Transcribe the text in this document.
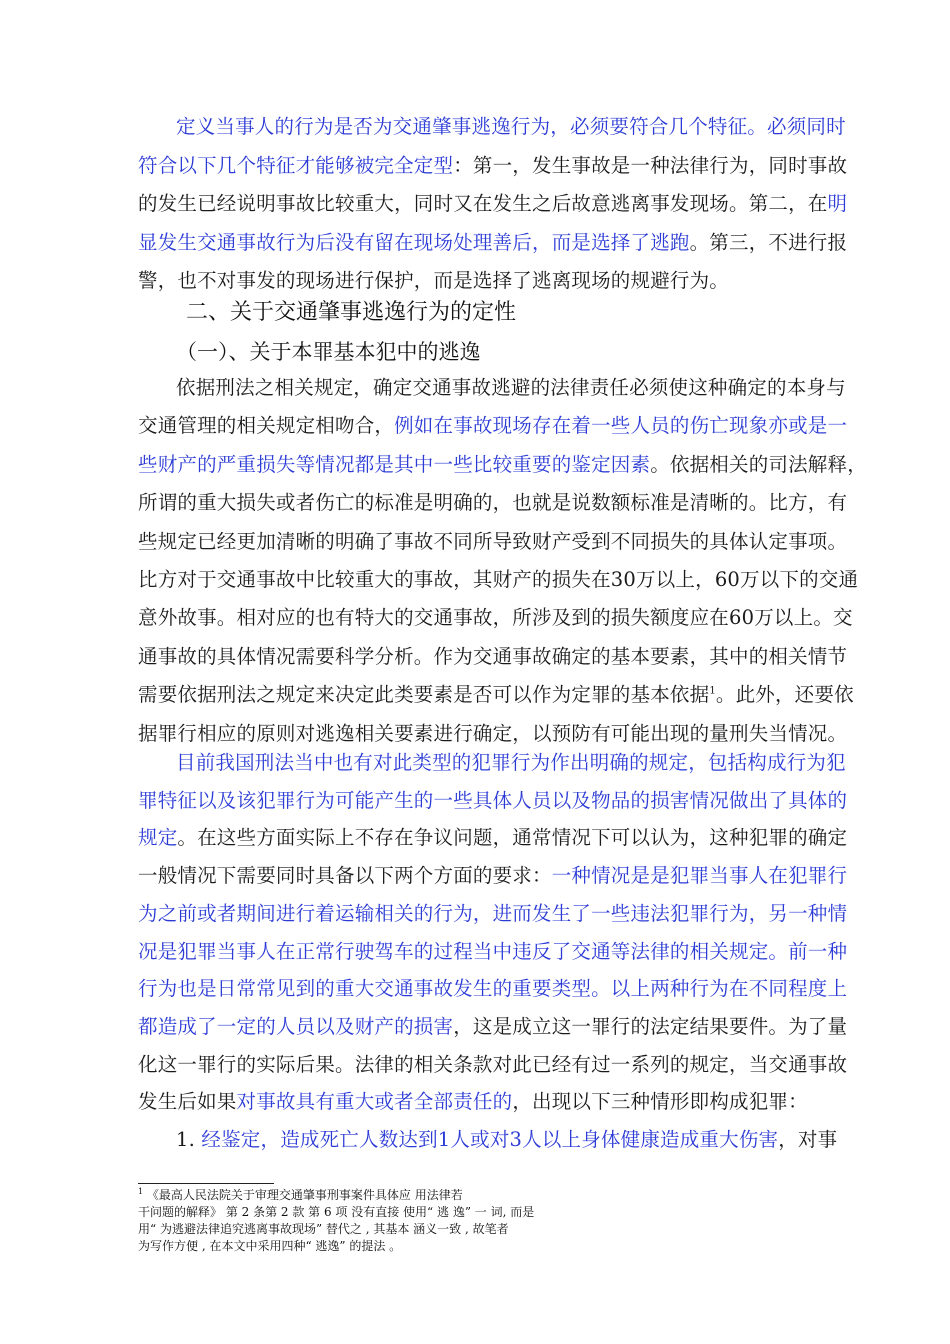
定义当事人的行为是否为交通肇事逃逸行为，必须要符合几个特征。必须同时
符合以下几个特征才能够被完全定型：第一，发生事故是一种法律行为，同时事故
的发生已经说明事故比较重大，同时又在发生之后故意逃离事发现场。第二，在明
显发生交通事故行为后没有留在现场处理善后，而是选择了逃跑。第三，不进行报
警，也不对事发的现场进行保护，而是选择了逃离现场的规避行为。
二、关于交通肇事逃逸行为的定性
（一）、关于本罪基本犯中的逃逸
依据刑法之相关规定，确定交通事故逃避的法律责任必须使这种确定的本身与
交通管理的相关规定相吻合，例如在事故现场存在着一些人员的伤亡现象亦或是一
些财产的严重损失等情况都是其中一些比较重要的鉴定因素。依据相关的司法解释，
所谓的重大损失或者伤亡的标准是明确的，也就是说数额标准是清晰的。比方，有
些规定已经更加清晰的明确了事故不同所导致财产受到不同损失的具体认定事项。
比方对于交通事故中比较重大的事故，其财产的损失在30万以上，60万以下的交通
意外故事。相对应的也有特大的交通事故，所涉及到的损失额度应在60万以上。交
通事故的具体情况需要科学分析。作为交通事故确定的基本要素，其中的相关情节
需要依据刑法之规定来决定此类要素是否可以作为定罪的基本依据$^1$。此外，还要依
据罪行相应的原则对逃逸相关要素进行确定，以预防有可能出现的量刑失当情况。
目前我国刑法当中也有对此类型的犯罪行为作出明确的规定，包括构成行为犯
罪特征以及该犯罪行为可能产生的一些具体人员以及物品的损害情况做出了具体的
规定。在这些方面实际上不存在争议问题，通常情况下可以认为，这种犯罪的确定
一般情况下需要同时具备以下两个方面的要求：一种情况是是犯罪当事人在犯罪行
为之前或者期间进行着运输相关的行为，进而发生了一些违法犯罪行为，另一种情
况是犯罪当事人在正常行驶驾车的过程当中违反了交通等法律的相关规定。前一种
行为也是日常常见到的重大交通事故发生的重要类型。以上两种行为在不同程度上
都造成了一定的人员以及财产的损害，这是成立这一罪行的法定结果要件。为了量
化这一罪行的实际后果。法律的相关条款对此已经有过一系列的规定，当交通事故
发生后如果对事故具有重大或者全部责任的，出现以下三种情形即构成犯罪：
1. 经鉴定，造成死亡人数达到1人或对3人以上身体健康造成重大伤害，对事
$^1$ 《最高人民法院关于审理交通肇事刑事案件具体应 用法律若
干问题的解释》 第 2 条第 2 款 第 6 项 没有直接 使用“ 逃 逸” 一 词, 而是
用“ 为逃避法律追究逃离事故现场” 替代之 , 其基本 涵义一致 , 故笔者
为写作方便 , 在本文中采用四种“ 逃逸” 的提法 。
